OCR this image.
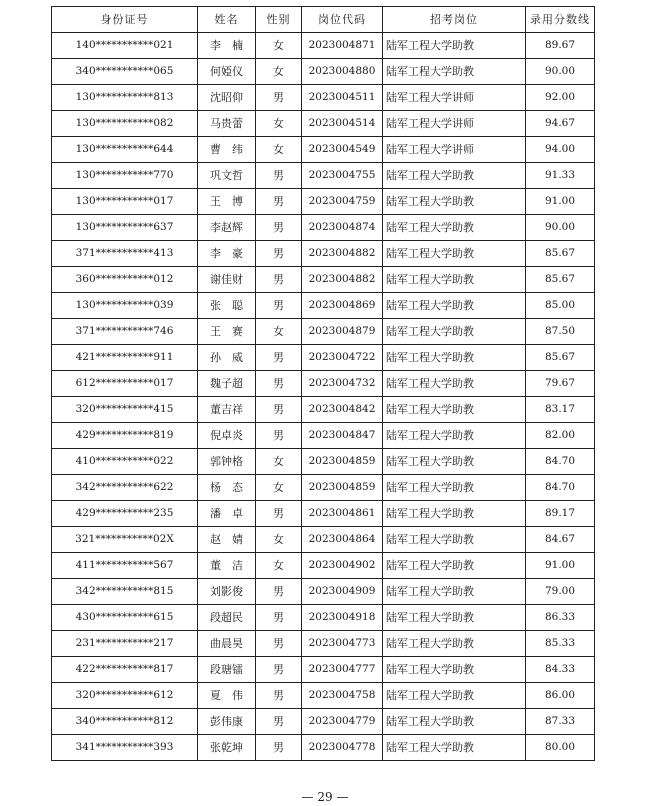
身份证号	姓名	性别	岗位代码	招考岗位	录用分数线
140***********021	李　楠	女	2023004871	陆军工程大学助教	89.67
340***********065	何婭仪	女	2023004880	陆军工程大学助教	90.00
130***********813	沈昭仰	男	2023004511	陆军工程大学讲师	92.00
130***********082	马贵蕾	女	2023004514	陆军工程大学讲师	94.67
130***********644	曹　纬	女	2023004549	陆军工程大学讲师	94.00
130***********770	巩文哲	男	2023004755	陆军工程大学助教	91.33
130***********017	王　博	男	2023004759	陆军工程大学助教	91.00
130***********637	李赵辉	男	2023004874	陆军工程大学助教	90.00
371***********413	李　豪	男	2023004882	陆军工程大学助教	85.67
360***********012	谢佳财	男	2023004882	陆军工程大学助教	85.67
130***********039	张　聪	男	2023004869	陆军工程大学助教	85.00
371***********746	王　赛	女	2023004879	陆军工程大学助教	87.50
421***********911	孙　威	男	2023004722	陆军工程大学助教	85.67
612***********017	魏子超	男	2023004732	陆军工程大学助教	79.67
320***********415	董吉祥	男	2023004842	陆军工程大学助教	83.17
429***********819	倪卓炎	男	2023004847	陆军工程大学助教	82.00
410***********022	郭钟格	女	2023004859	陆军工程大学助教	84.70
342***********622	杨　态	女	2023004859	陆军工程大学助教	84.70
429***********235	潘　卓	男	2023004861	陆军工程大学助教	89.17
321***********02X	赵　婧	女	2023004864	陆军工程大学助教	84.67
411***********567	董　洁	女	2023004902	陆军工程大学助教	91.00
342***********815	刘影俊	男	2023004909	陆军工程大学助教	79.00
430***********615	段超民	男	2023004918	陆军工程大学助教	86.33
231***********217	曲晨昊	男	2023004773	陆军工程大学助教	85.33
422***********817	段瑭镭	男	2023004777	陆军工程大学助教	84.33
320***********612	夏　伟	男	2023004758	陆军工程大学助教	86.00
340***********812	彭伟康	男	2023004779	陆军工程大学助教	87.33
341***********393	张乾坤	男	2023004778	陆军工程大学助教	80.00
— 29 —
